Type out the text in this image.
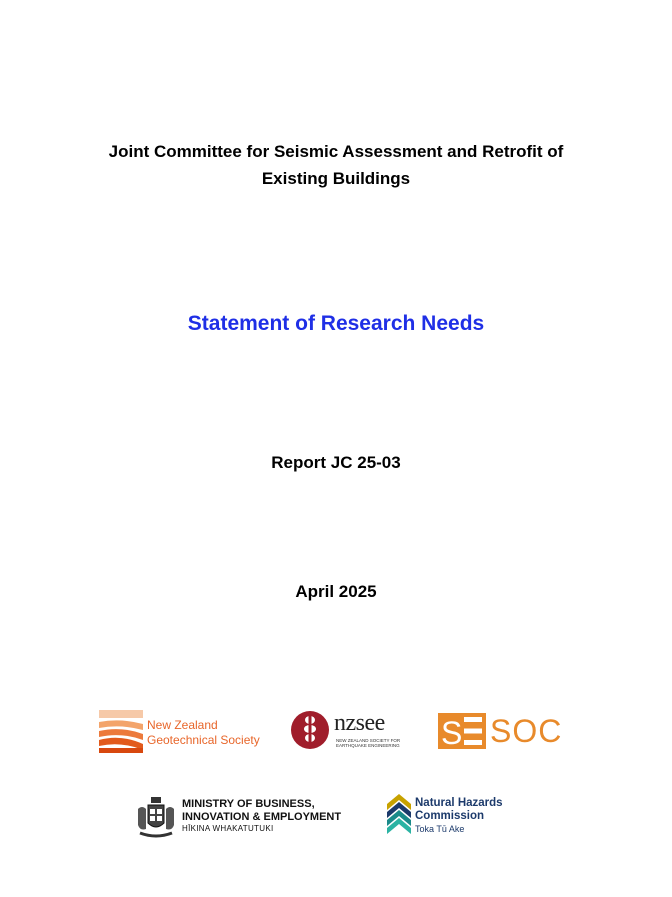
Joint Committee for Seismic Assessment and Retrofit of
Existing Buildings
Statement of Research Needs
Report JC 25-03
April 2025
New Zealand
Geotechnical Society
nzsee
NEW ZEALAND SOCIETY FOR
EARTHQUAKE ENGINEERING S SOC
MINISTRY OF BUSINESS,
INNOVATION & EMPLOYMENT
HĪKINA WHAKATUTUKI
Natural Hazards
Commission
Toka Tū Ake
